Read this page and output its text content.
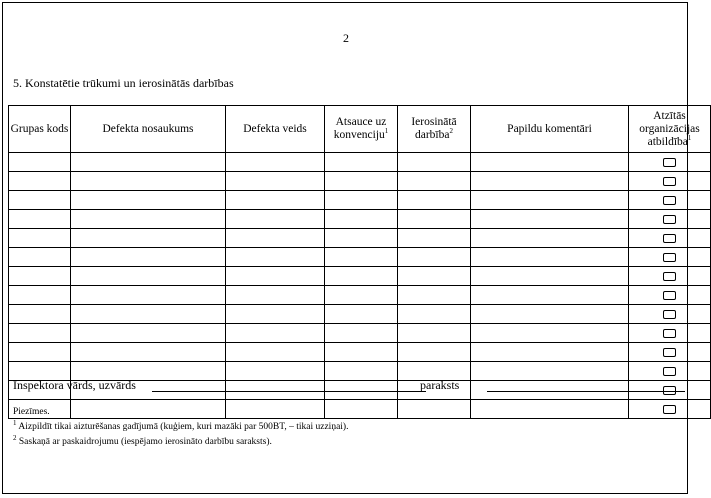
2
5. Konstatētie trūkumi un ierosinātās darbības
Grupas kods	Defekta nosaukums	Defekta veids	Atsauce uz konvenciju$^1$	Ierosinātā darbība$^2$	Papildu komentāri	Atzītās organizācijas atbildība$^1$

Inspektora vārds, uzvārds	paraksts
Piezīmes.
$^1$ Aizpildīt tikai aizturēšanas gadījumā (kuģiem, kuri mazāki par 500BT, – tikai uzziņai).
$^2$ Saskaņā ar paskaidrojumu (iespējamo ierosināto darbību saraksts).
